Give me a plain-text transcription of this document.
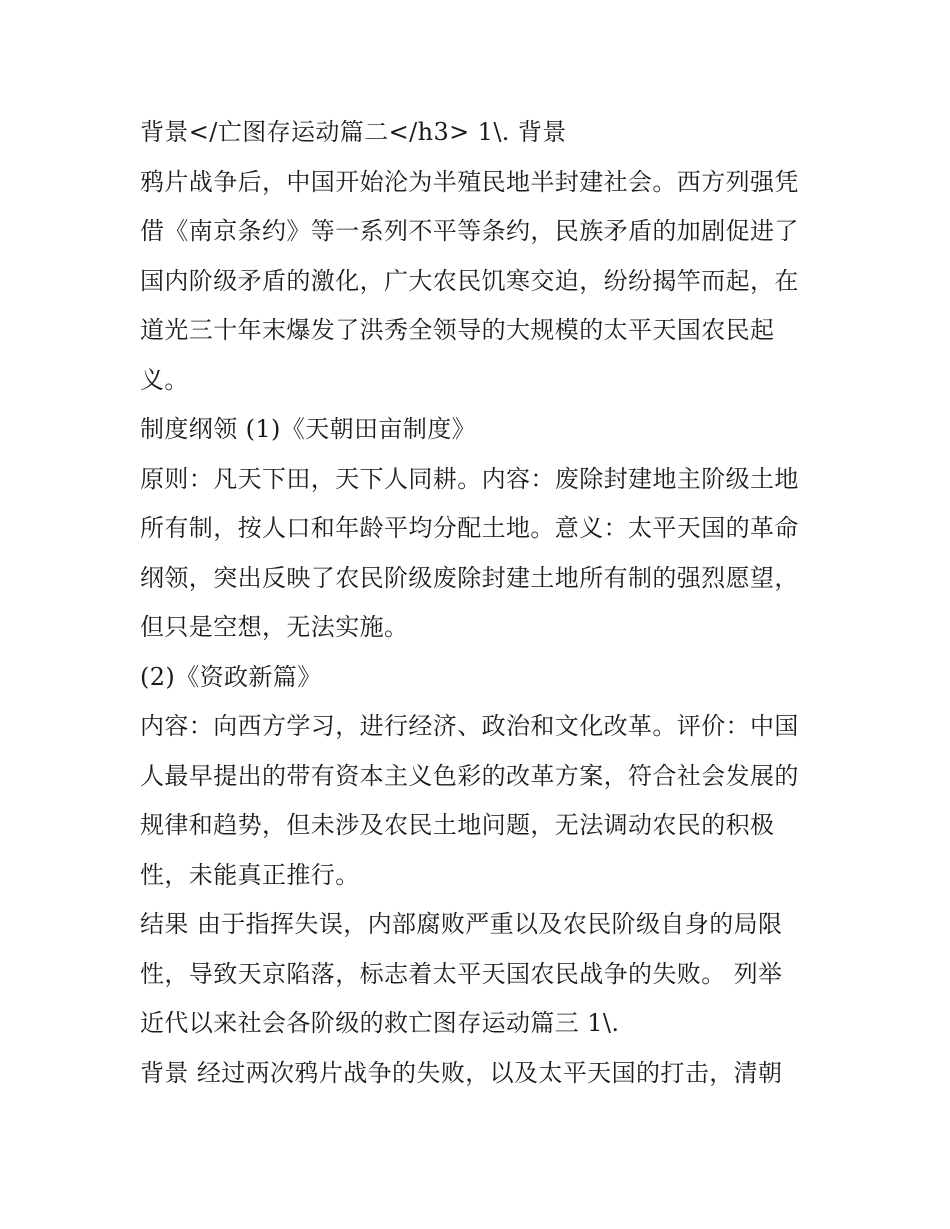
背景</亡图存运动篇二</h3> 1\. 背景
鸦片战争后，中国开始沦为半殖民地半封建社会。西方列强凭
借《南京条约》等一系列不平等条约，民族矛盾的加剧促进了
国内阶级矛盾的激化，广大农民饥寒交迫，纷纷揭竿而起，在
道光三十年末爆发了洪秀全领导的大规模的太平天国农民起
义。
制度纲领 (1)《天朝田亩制度》
原则：凡天下田，天下人同耕。内容：废除封建地主阶级土地
所有制，按人口和年龄平均分配土地。意义：太平天国的革命
纲领，突出反映了农民阶级废除封建土地所有制的强烈愿望，
但只是空想，无法实施。
(2)《资政新篇》
内容：向西方学习，进行经济、政治和文化改革。评价：中国
人最早提出的带有资本主义色彩的改革方案，符合社会发展的
规律和趋势，但未涉及农民土地问题，无法调动农民的积极
性，未能真正推行。
结果 由于指挥失误，内部腐败严重以及农民阶级自身的局限
性，导致天京陷落，标志着太平天国农民战争的失败。 列举
近代以来社会各阶级的救亡图存运动篇三 1\.
背景 经过两次鸦片战争的失败，以及太平天国的打击，清朝
